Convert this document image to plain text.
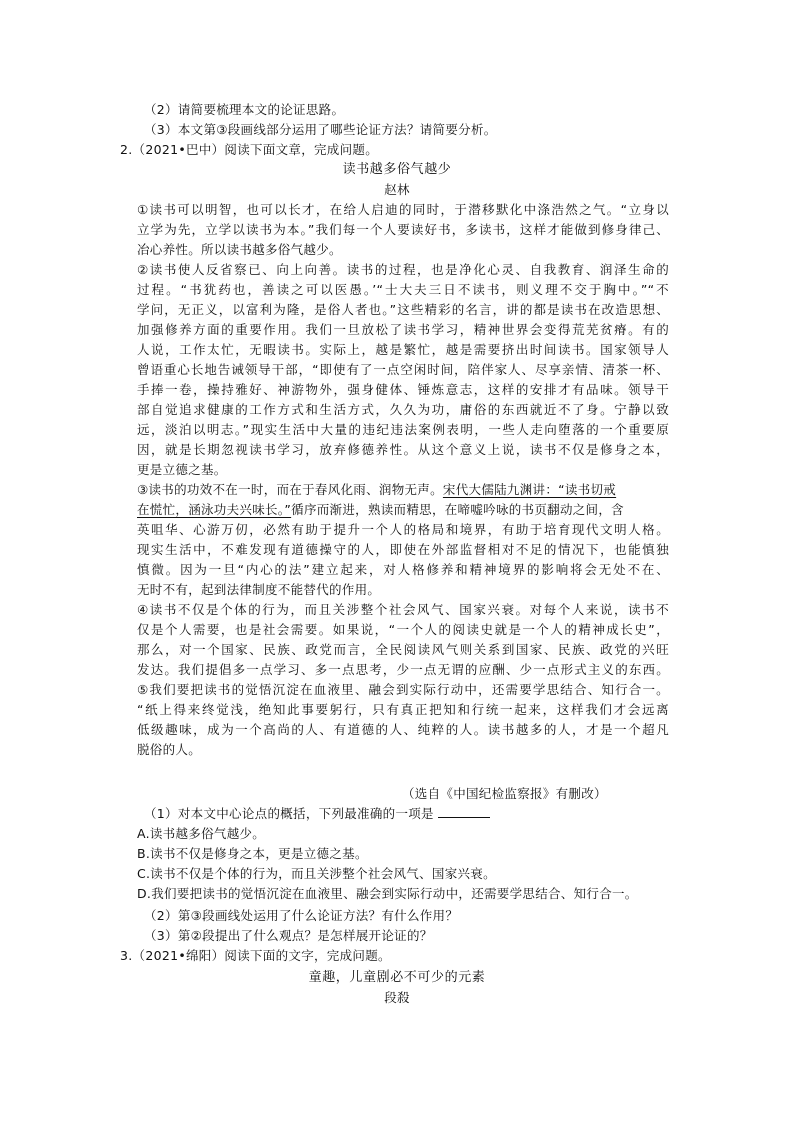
（2）请简要梳理本文的论证思路。
（3）本文第③段画线部分运用了哪些论证方法？请简要分析。
2.（2021•巴中）阅读下面文章，完成问题。
读书越多俗气越少
赵林
①读书可以明智，也可以长才，在给人启迪的同时，于潜移默化中涤浩然之气。“立身以
立学为先，立学以读书为本。”我们每一个人要读好书，多读书，这样才能做到修身律己、
冶心养性。所以读书越多俗气越少。
②读书使人反省察已、向上向善。读书的过程，也是净化心灵、自我教育、润泽生命的
过程。“书犹药也，善读之可以医愚。’“士大夫三日不读书，则义理不交于胸中。”“不
学问，无正义，以富利为隆，是俗人者也。”这些精彩的名言，讲的都是读书在改造思想、
加强修养方面的重要作用。我们一旦放松了读书学习，精神世界会变得荒芜贫瘠。有的
人说，工作太忙，无暇读书。实际上，越是繁忙，越是需要挤出时间读书。国家领导人
曾语重心长地告诫领导干部，“即使有了一点空闲时间，陪伴家人、尽享亲情、清茶一杯、
手捧一卷，操持雅好、神游物外，强身健体、锤炼意志，这样的安排才有品味。领导干
部自觉追求健康的工作方式和生活方式，久久为功，庸俗的东西就近不了身。宁静以致
远，淡泊以明志。”现实生活中大量的违纪违法案例表明，一些人走向堕落的一个重要原
因，就是长期忽视读书学习，放弃修德养性。从这个意义上说，读书不仅是修身之本，
更是立德之基。
③读书的功效不在一时，而在于春风化雨、润物无声。宋代大儒陆九渊讲：“读书切戒
在慌忙，涵泳功夫兴味长。”循序而渐进，熟读而精思，在啼嘘吟咏的书页翻动之间，含
英咀华、心游万仞，必然有助于提升一个人的格局和境界，有助于培育现代文明人格。
现实生活中，不难发现有道德操守的人，即使在外部监督相对不足的情况下，也能慎独
慎微。因为一旦“内心的法”建立起来，对人格修养和精神境界的影响将会无处不在、
无时不有，起到法律制度不能替代的作用。
④读书不仅是个体的行为，而且关涉整个社会风气、国家兴衰。对每个人来说，读书不
仅是个人需要，也是社会需要。如果说，“一个人的阅读史就是一个人的精神成长史”，
那么，对一个国家、民族、政党而言，全民阅读风气则关系到国家、民族、政党的兴旺
发达。我们提倡多一点学习、多一点思考，少一点无谓的应酬、少一点形式主义的东西。
⑤我们要把读书的觉悟沉淀在血液里、融会到实际行动中，还需要学思结合、知行合一。
“纸上得来终觉浅，绝知此事要躬行，只有真正把知和行统一起来，这样我们才会远离
低级趣味，成为一个高尚的人、有道德的人、纯粹的人。读书越多的人，才是一个超凡
脱俗的人。
（选自《中国纪检监察报》有删改）
（1）对本文中心论点的概括，下列最准确的一项是
A.读书越多俗气越少。
B.读书不仅是修身之本，更是立德之基。
C.读书不仅是个体的行为，而且关涉整个社会风气、国家兴衰。
D.我们要把读书的觉悟沉淀在血液里、融会到实际行动中，还需要学思结合、知行合一。
（2）第③段画线处运用了什么论证方法？有什么作用？
（3）第②段提出了什么观点？是怎样展开论证的？
3.（2021•绵阳）阅读下面的文字，完成问题。
童趣，儿童剧必不可少的元素
段殺
